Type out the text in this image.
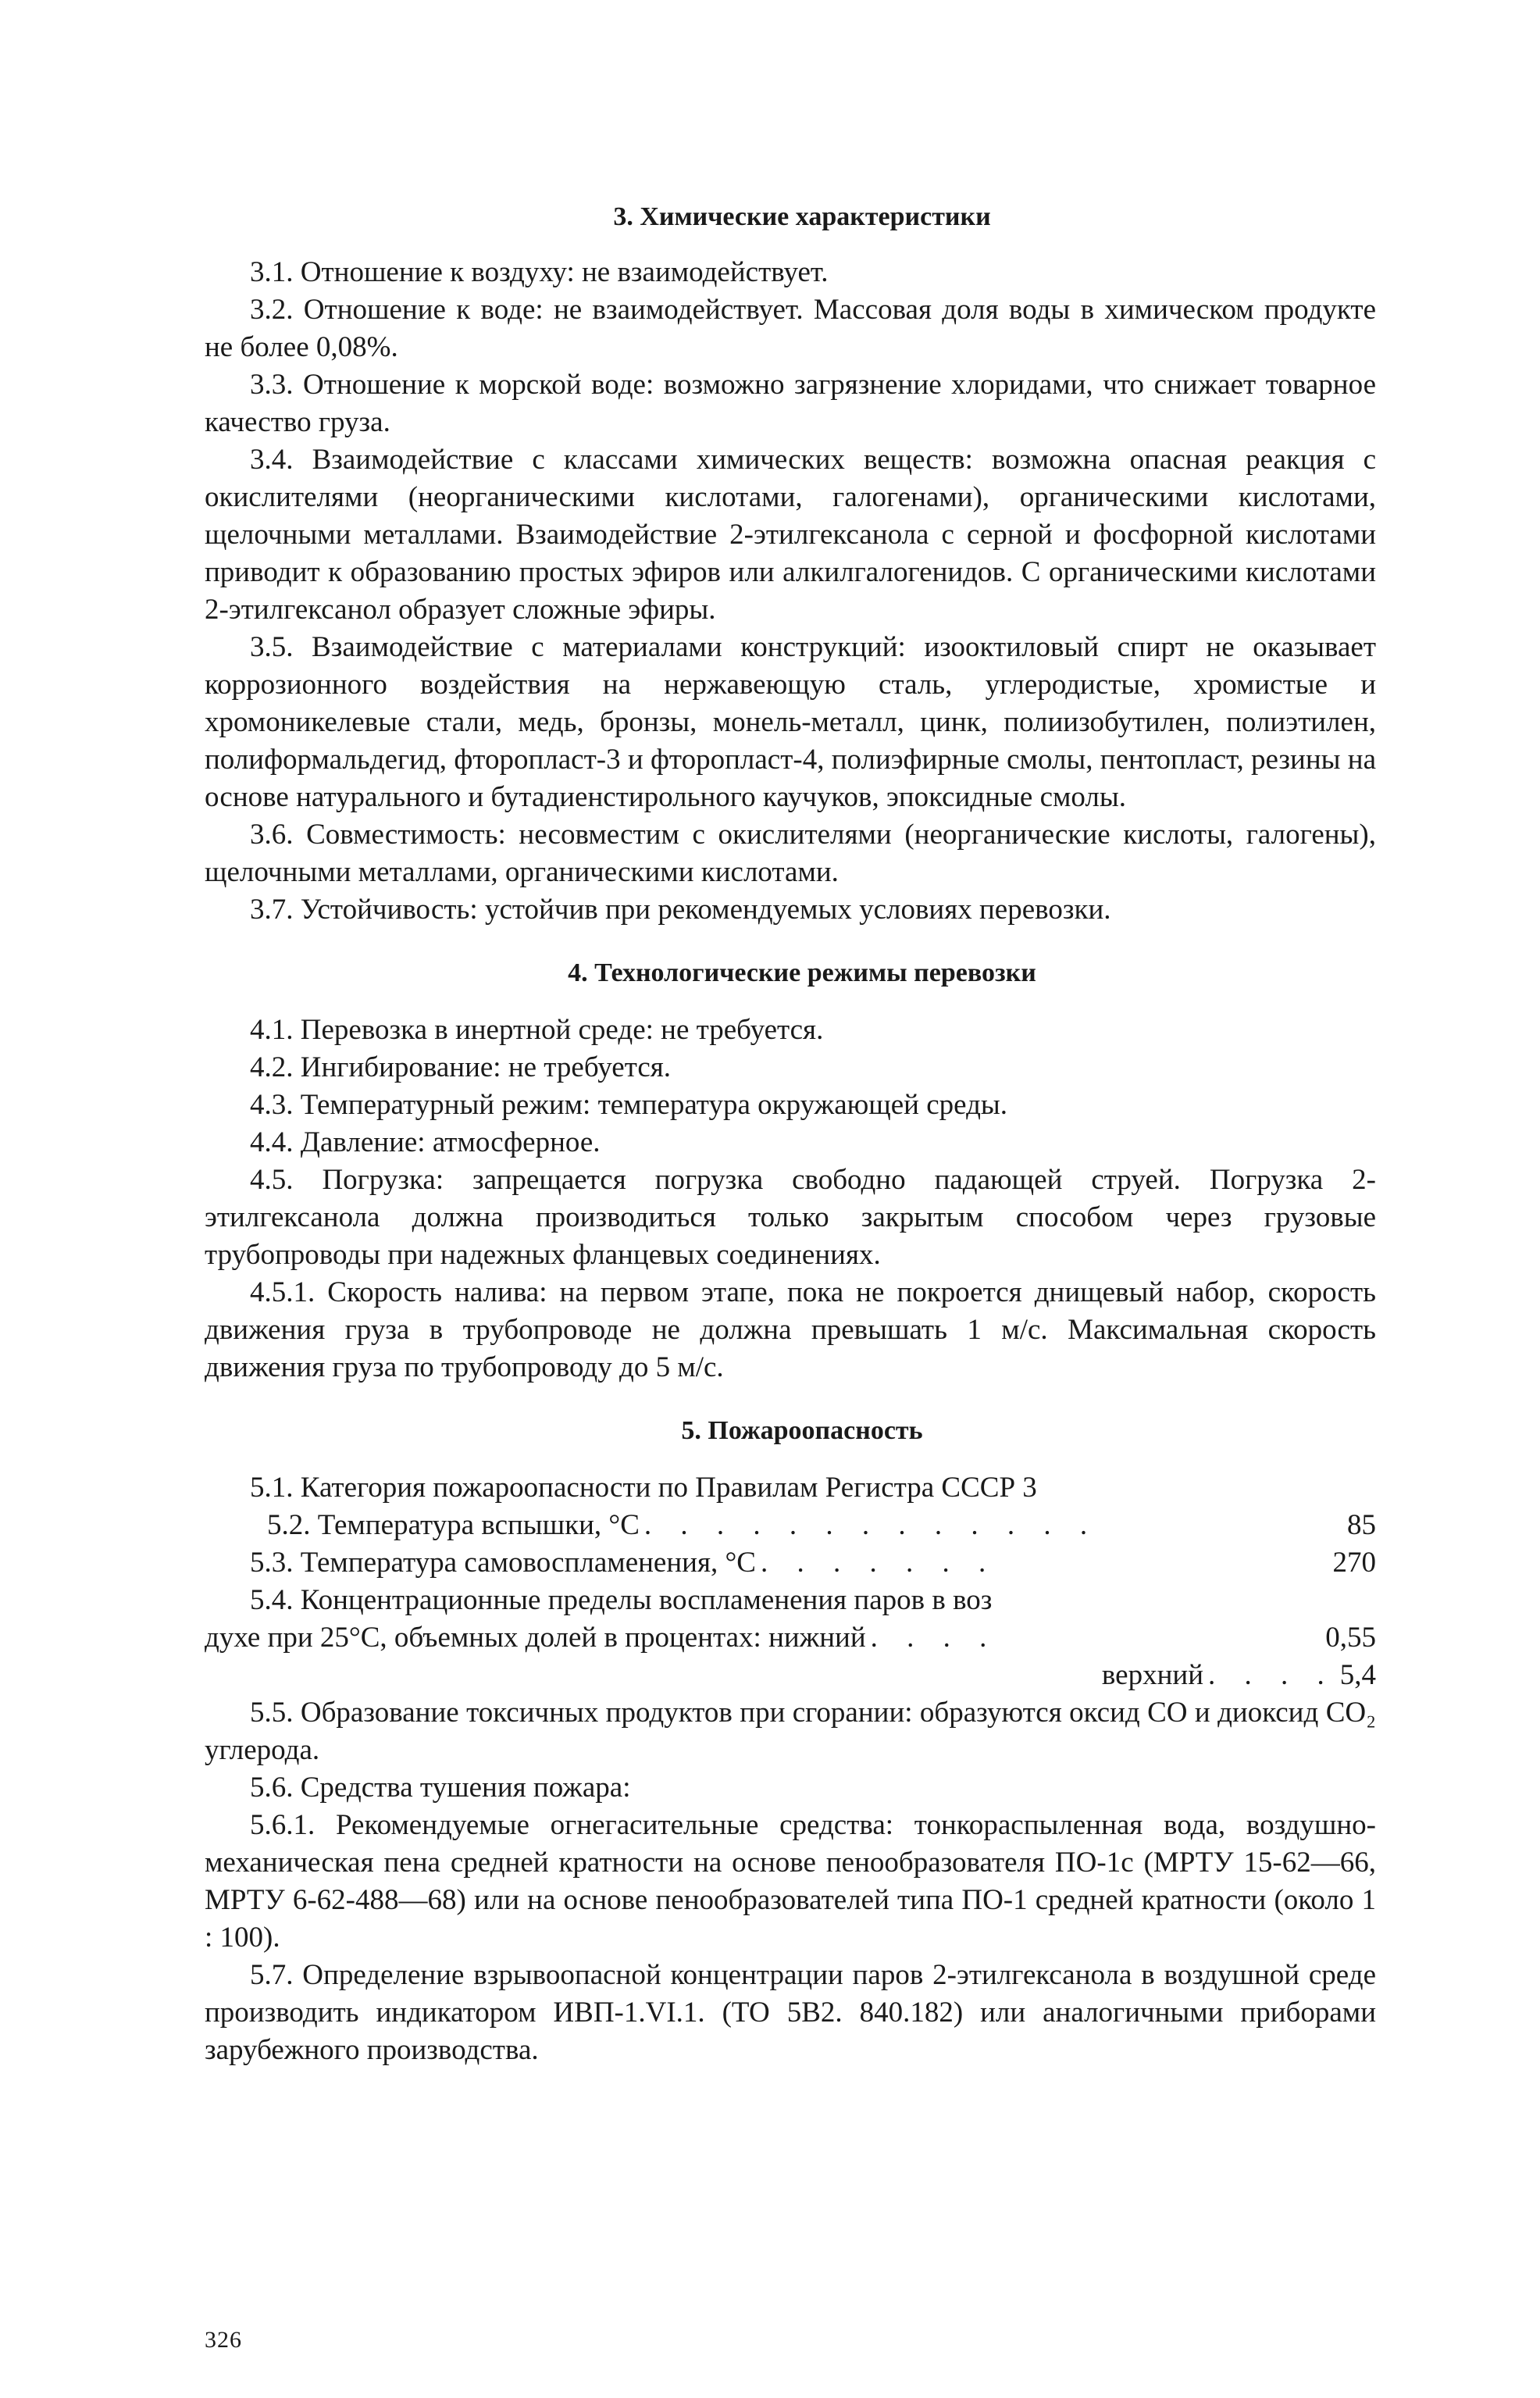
3. Химические характеристики

3.1. Отношение к воздуху: не взаимодействует.

3.2. Отношение к воде: не взаимодействует. Массовая доля воды в химическом продукте не более 0,08%.

3.3. Отношение к морской воде: возможно загрязнение хлоридами, что снижает товарное качество груза.

3.4. Взаимодействие с классами химических веществ: возможна опасная реакция с окислителями (неорганическими кислотами, галогенами), органическими кислотами, щелочными металлами. Взаимодействие 2-этилгексанола с серной и фосфорной кислотами приводит к образованию простых эфиров или алкилгалогенидов. С органическими кислотами 2-этилгексанол образует сложные эфиры.

3.5. Взаимодействие с материалами конструкций: изооктиловый спирт не оказывает коррозионного воздействия на нержавеющую сталь, углеродистые, хромистые и хромоникелевые стали, медь, бронзы, монель-металл, цинк, полиизобутилен, полиэтилен, полиформальдегид, фторопласт-3 и фторопласт-4, полиэфирные смолы, пентопласт, резины на основе натурального и бутадиенстирольного каучуков, эпоксидные смолы.

3.6. Совместимость: несовместим с окислителями (неорганические кислоты, галогены), щелочными металлами, органическими кислотами.

3.7. Устойчивость: устойчив при рекомендуемых условиях перевозки.

4. Технологические режимы перевозки

4.1. Перевозка в инертной среде: не требуется.

4.2. Ингибирование: не требуется.

4.3. Температурный режим: температура окружающей среды.

4.4. Давление: атмосферное.

4.5. Погрузка: запрещается погрузка свободно падающей струей. Погрузка 2-этилгексанола должна производиться только закрытым способом через грузовые трубопроводы при надежных фланцевых соединениях.

4.5.1. Скорость налива: на первом этапе, пока не покроется днищевый набор, скорость движения груза в трубопроводе не должна превышать 1 м/с. Максимальная скорость движения груза по трубопроводу до 5 м/с.

5. Пожароопасность

5.1. Категория пожароопасности по Правилам Регистра СССР 3

5.2. Температура вспышки, °С . . . . . . . . . . . . .	85
5.3. Температура самовоспламенения, °С . . . . . . .	270

5.4. Концентрационные пределы воспламенения паров в воз

духе при 25°С, объемных долей в процентах: нижний . . . .	0,55
верхний . . . . 5,4

5.5. Образование токсичных продуктов при сгорании: образуются оксид СО и диоксид СО₂ углерода.

5.6. Средства тушения пожара:

5.6.1. Рекомендуемые огнегасительные средства: тонкораспыленная вода, воздушно-механическая пена средней кратности на основе пенообразователя ПО-1с (МРТУ 15-62—66, МРТУ 6-62-488—68) или на основе пенообразователей типа ПО-1 средней кратности (около 1 : 100).

5.7. Определение взрывоопасной концентрации паров 2-этилгексанола в воздушной среде производить индикатором ИВП-1.VI.1. (ТО 5В2. 840.182) или аналогичными приборами зарубежного производства.

326
